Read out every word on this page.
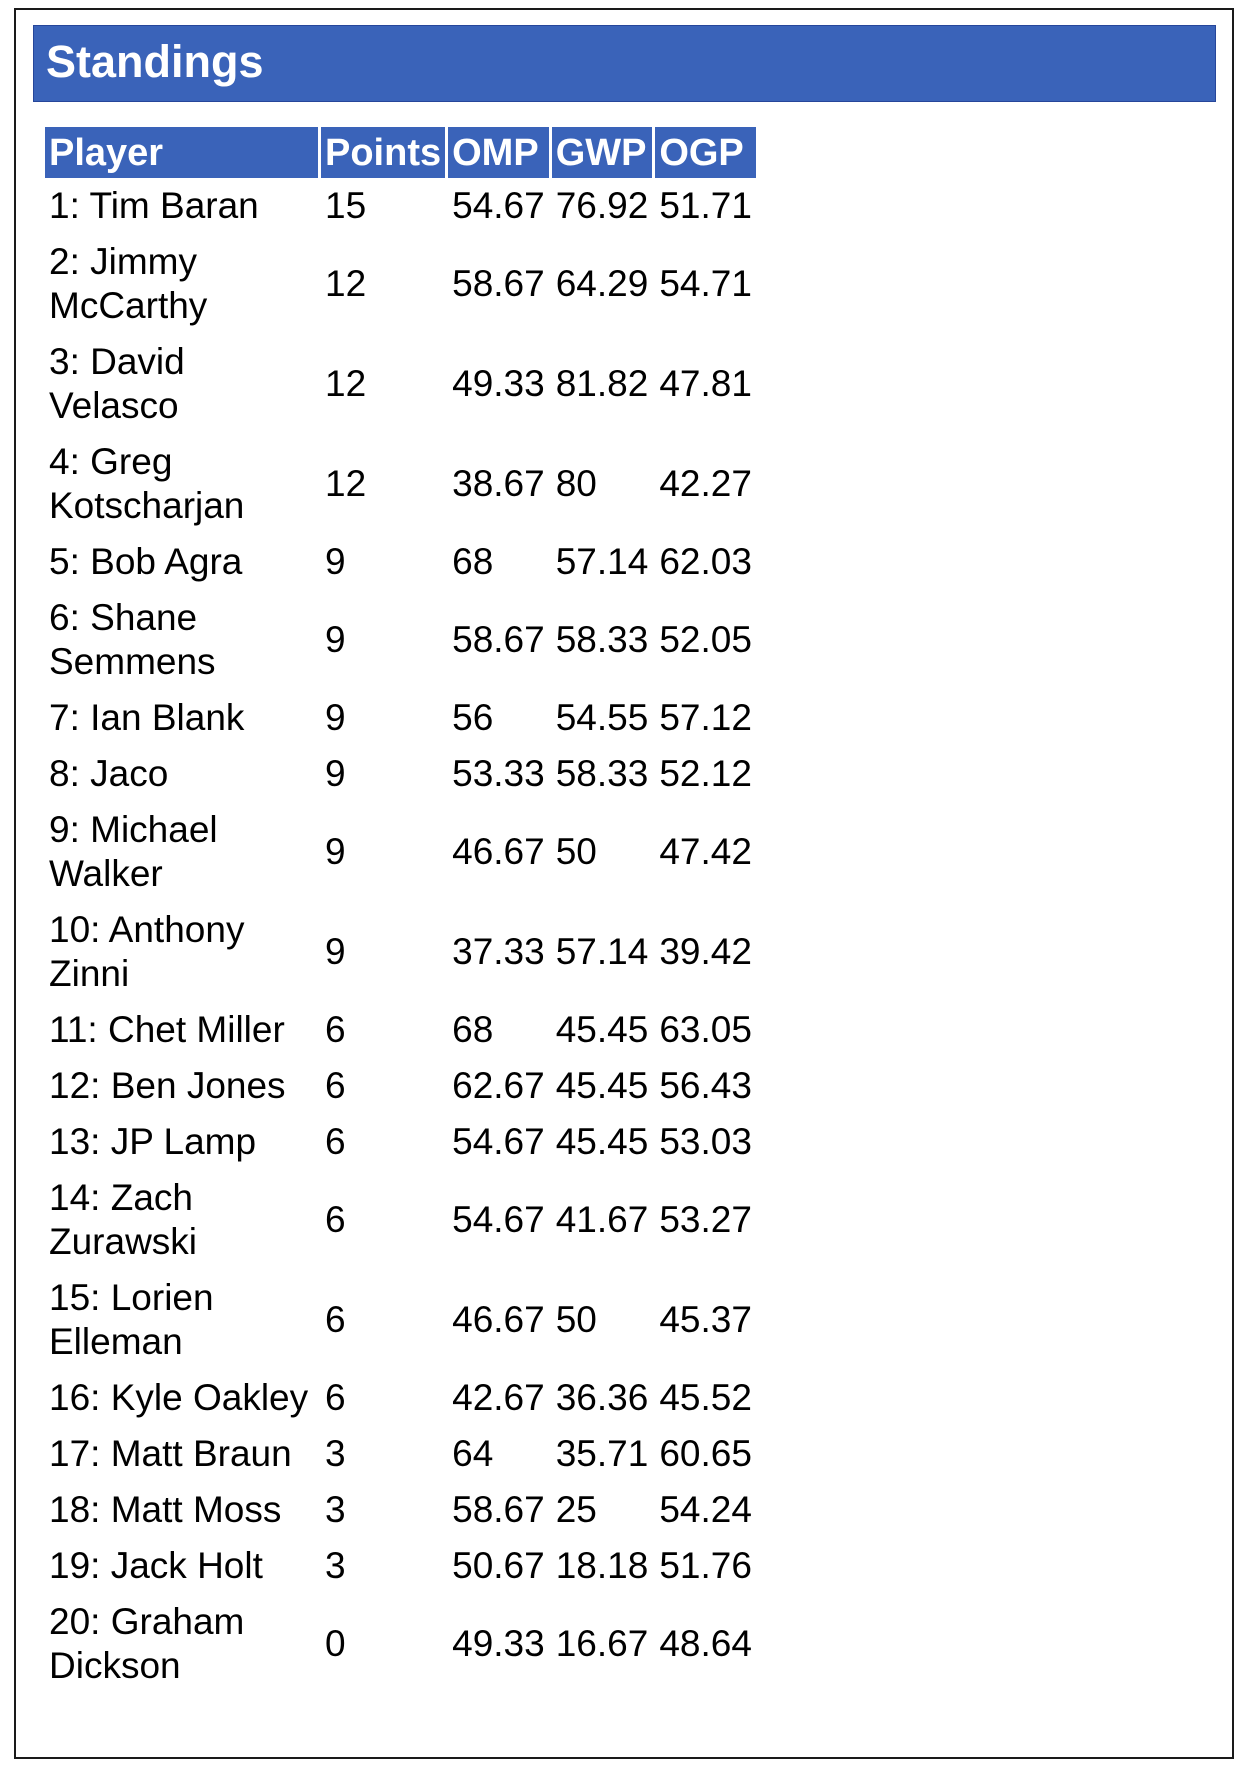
Standings
Player	Points	OMP	GWP	OGP
1: Tim Baran	15	54.67	76.92	51.71
2: Jimmy McCarthy	12	58.67	64.29	54.71
3: David Velasco	12	49.33	81.82	47.81
4: Greg Kotscharjan	12	38.67	80	42.27
5: Bob Agra	9	68	57.14	62.03
6: Shane Semmens	9	58.67	58.33	52.05
7: Ian Blank	9	56	54.55	57.12
8: Jaco	9	53.33	58.33	52.12
9: Michael Walker	9	46.67	50	47.42
10: Anthony Zinni	9	37.33	57.14	39.42
11: Chet Miller	6	68	45.45	63.05
12: Ben Jones	6	62.67	45.45	56.43
13: JP Lamp	6	54.67	45.45	53.03
14: Zach Zurawski	6	54.67	41.67	53.27
15: Lorien Elleman	6	46.67	50	45.37
16: Kyle Oakley	6	42.67	36.36	45.52
17: Matt Braun	3	64	35.71	60.65
18: Matt Moss	3	58.67	25	54.24
19: Jack Holt	3	50.67	18.18	51.76
20: Graham Dickson	0	49.33	16.67	48.64
